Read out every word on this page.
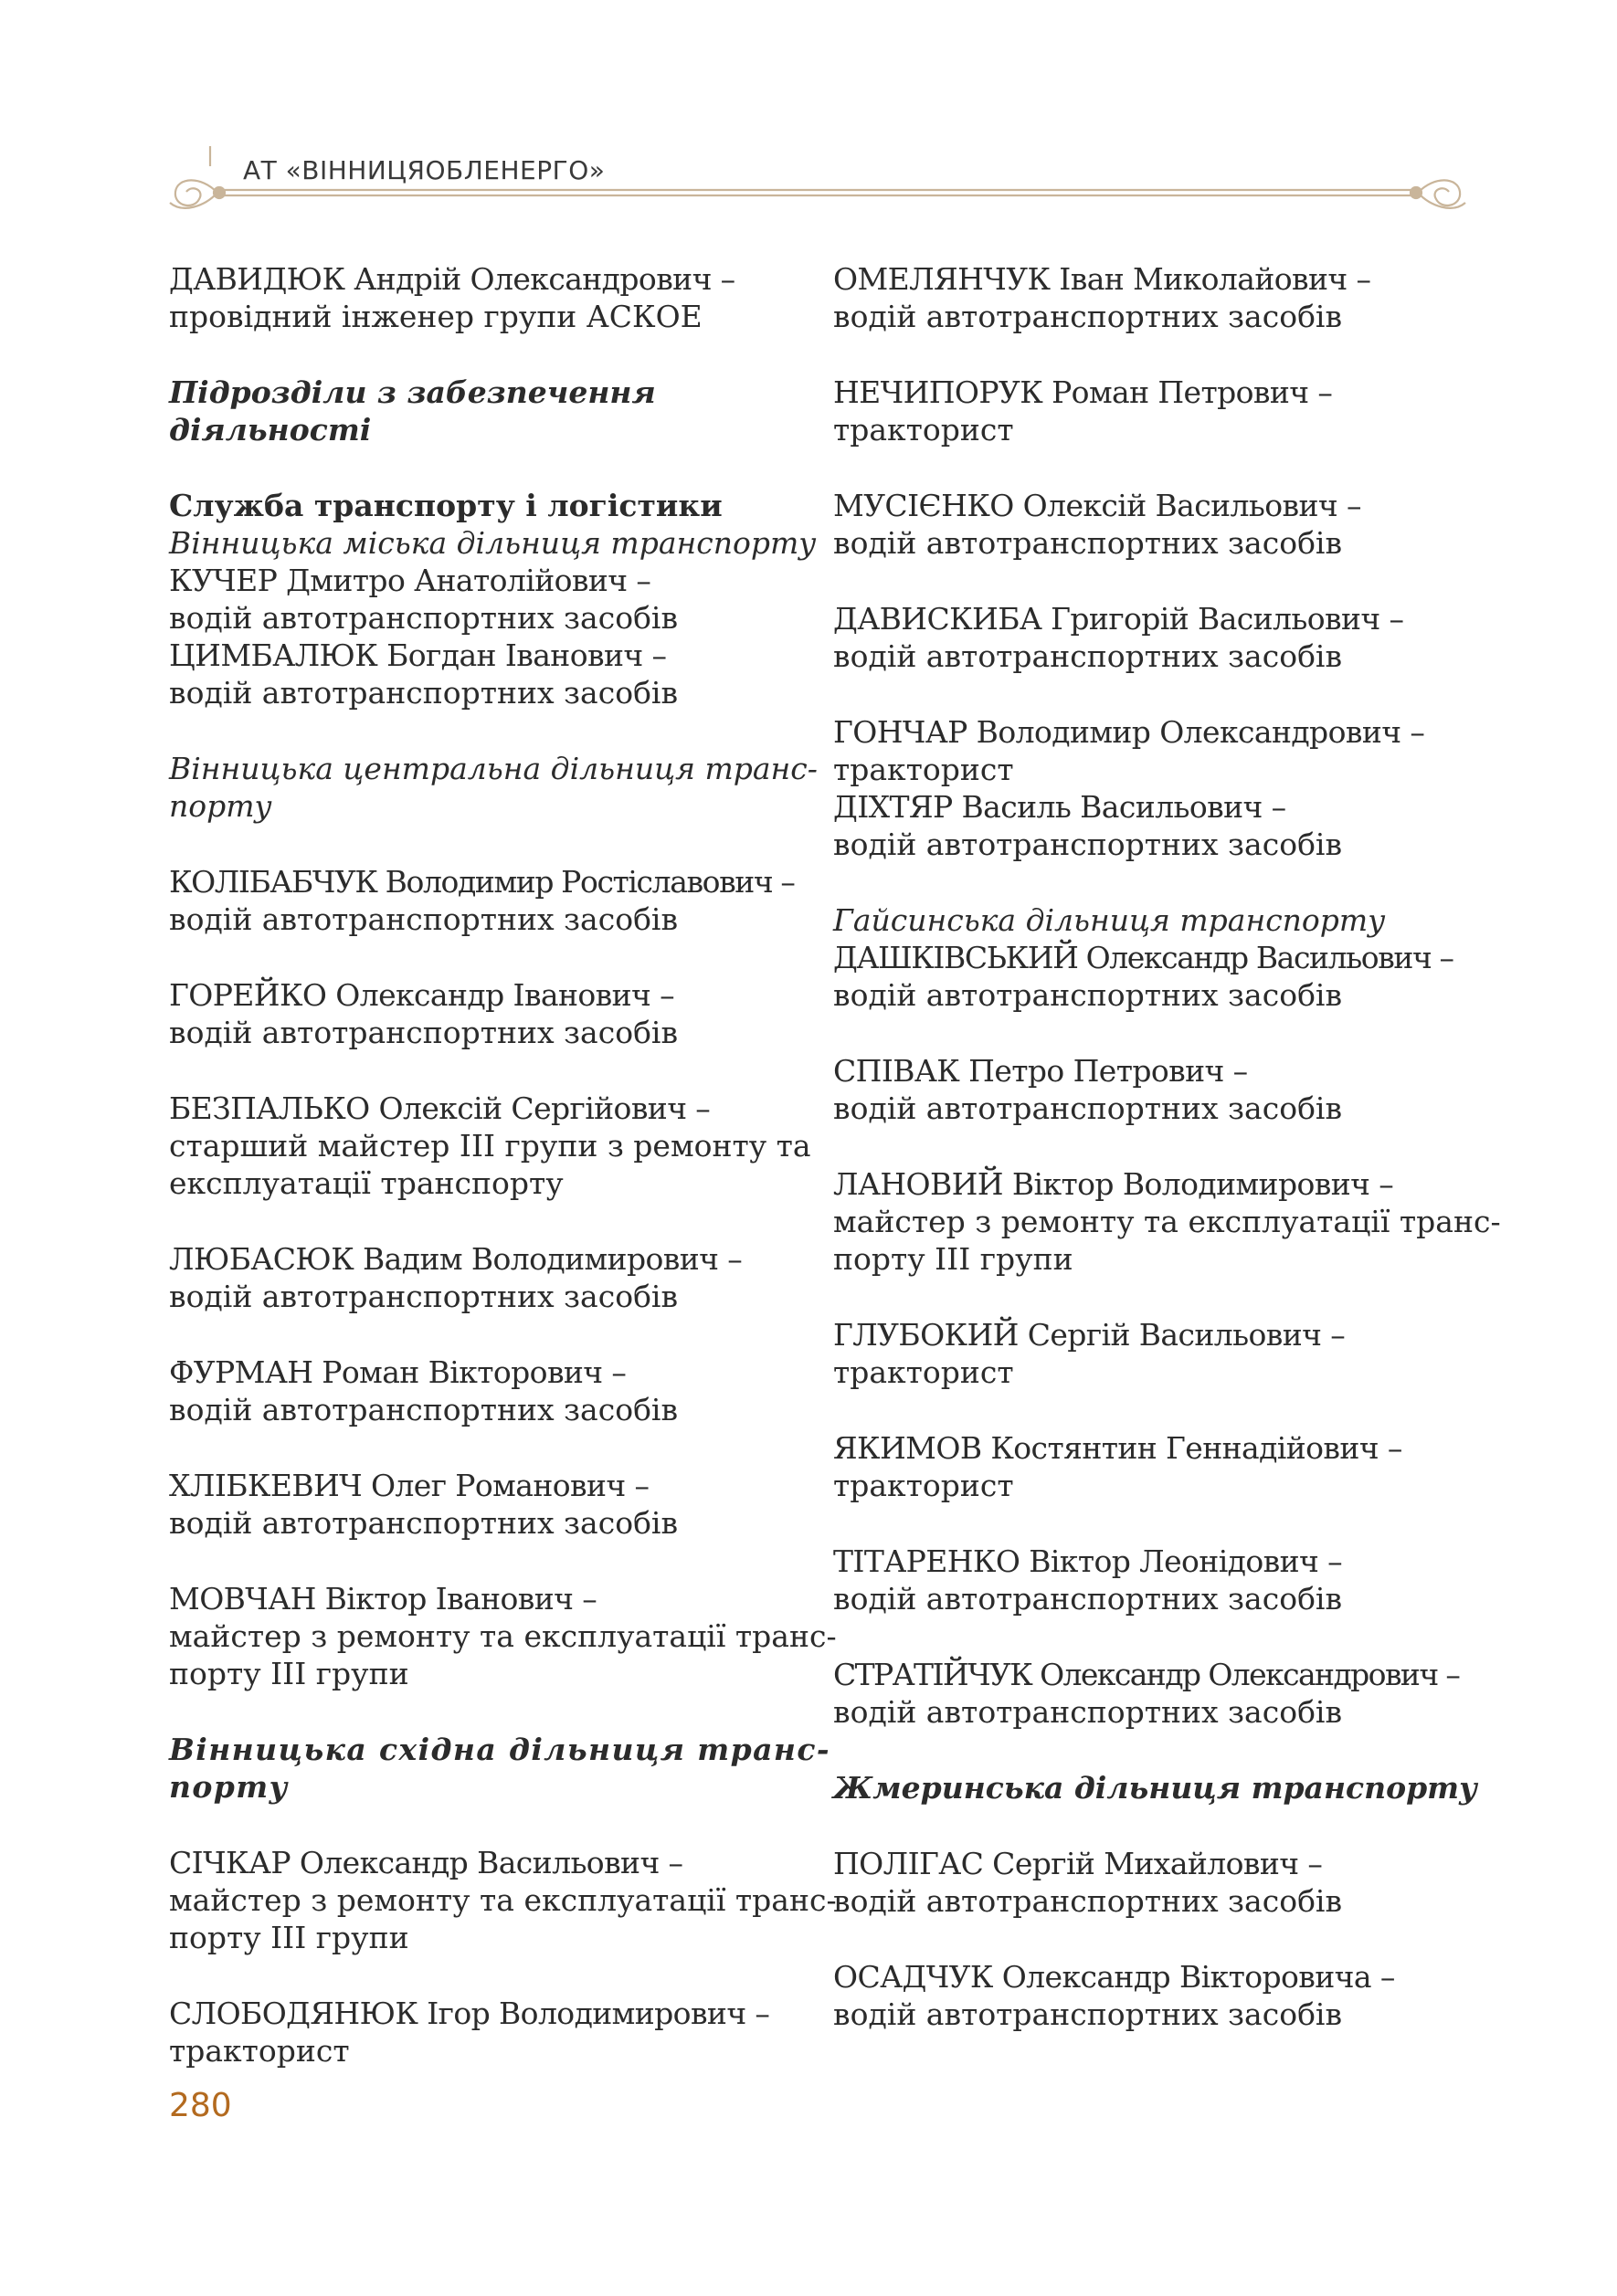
АТ «ВІННИЦЯОБЛЕНЕРГО»
ДАВИДЮК Андрій Олександрович –
провідний інженер групи АСКОЕ
Підрозділи з забезпечення
діяльності
Служба транспорту і логістики
Вінницька міська дільниця транспорту
КУЧЕР Дмитро Анатолійович –
водій автотранспортних засобів
ЦИМБАЛЮК Богдан Іванович –
водій автотранспортних засобів
Вінницька центральна дільниця транс-
порту
КОЛІБАБЧУК Володимир Ростіславович –
водій автотранспортних засобів
ГОРЕЙКО Олександр Іванович –
водій автотранспортних засобів
БЕЗПАЛЬКО Олексій Сергійович –
старший майстер ІІІ групи з ремонту та
експлуатації транспорту
ЛЮБАСЮК Вадим Володимирович –
водій автотранспортних засобів
ФУРМАН Роман Вікторович –
водій автотранспортних засобів
ХЛІБКЕВИЧ Олег Романович –
водій автотранспортних засобів
МОВЧАН Віктор Іванович –
майстер з ремонту та експлуатації транс-
порту ІІІ групи
Вінницька східна дільниця транс-
порту
СІЧКАР Олександр Васильович –
майстер з ремонту та експлуатації транс-
порту ІІІ групи
СЛОБОДЯНЮК Ігор Володимирович –
тракторист
ОМЕЛЯНЧУК Іван Миколайович –
водій автотранспортних засобів
НЕЧИПОРУК Роман Петрович –
тракторист
МУСІЄНКО Олексій Васильович –
водій автотранспортних засобів
ДАВИСКИБА Григорій Васильович –
водій автотранспортних засобів
ГОНЧАР Володимир Олександрович –
тракторист
ДІХТЯР Василь Васильович –
водій автотранспортних засобів
Гайсинська дільниця транспорту
ДАШКІВСЬКИЙ Олександр Васильович –
водій автотранспортних засобів
СПІВАК Петро Петрович –
водій автотранспортних засобів
ЛАНОВИЙ Віктор Володимирович –
майстер з ремонту та експлуатації транс-
порту ІІІ групи
ГЛУБОКИЙ Сергій Васильович –
тракторист
ЯКИМОВ Костянтин Геннадійович –
тракторист
ТІТАРЕНКО Віктор Леонідович –
водій автотранспортних засобів
СТРАТІЙЧУК Олександр Олександрович –
водій автотранспортних засобів
Жмеринська дільниця транспорту
ПОЛІГАС Сергій Михайлович –
водій автотранспортних засобів
ОСАДЧУК Олександр Вікторовича –
водій автотранспортних засобів
280
